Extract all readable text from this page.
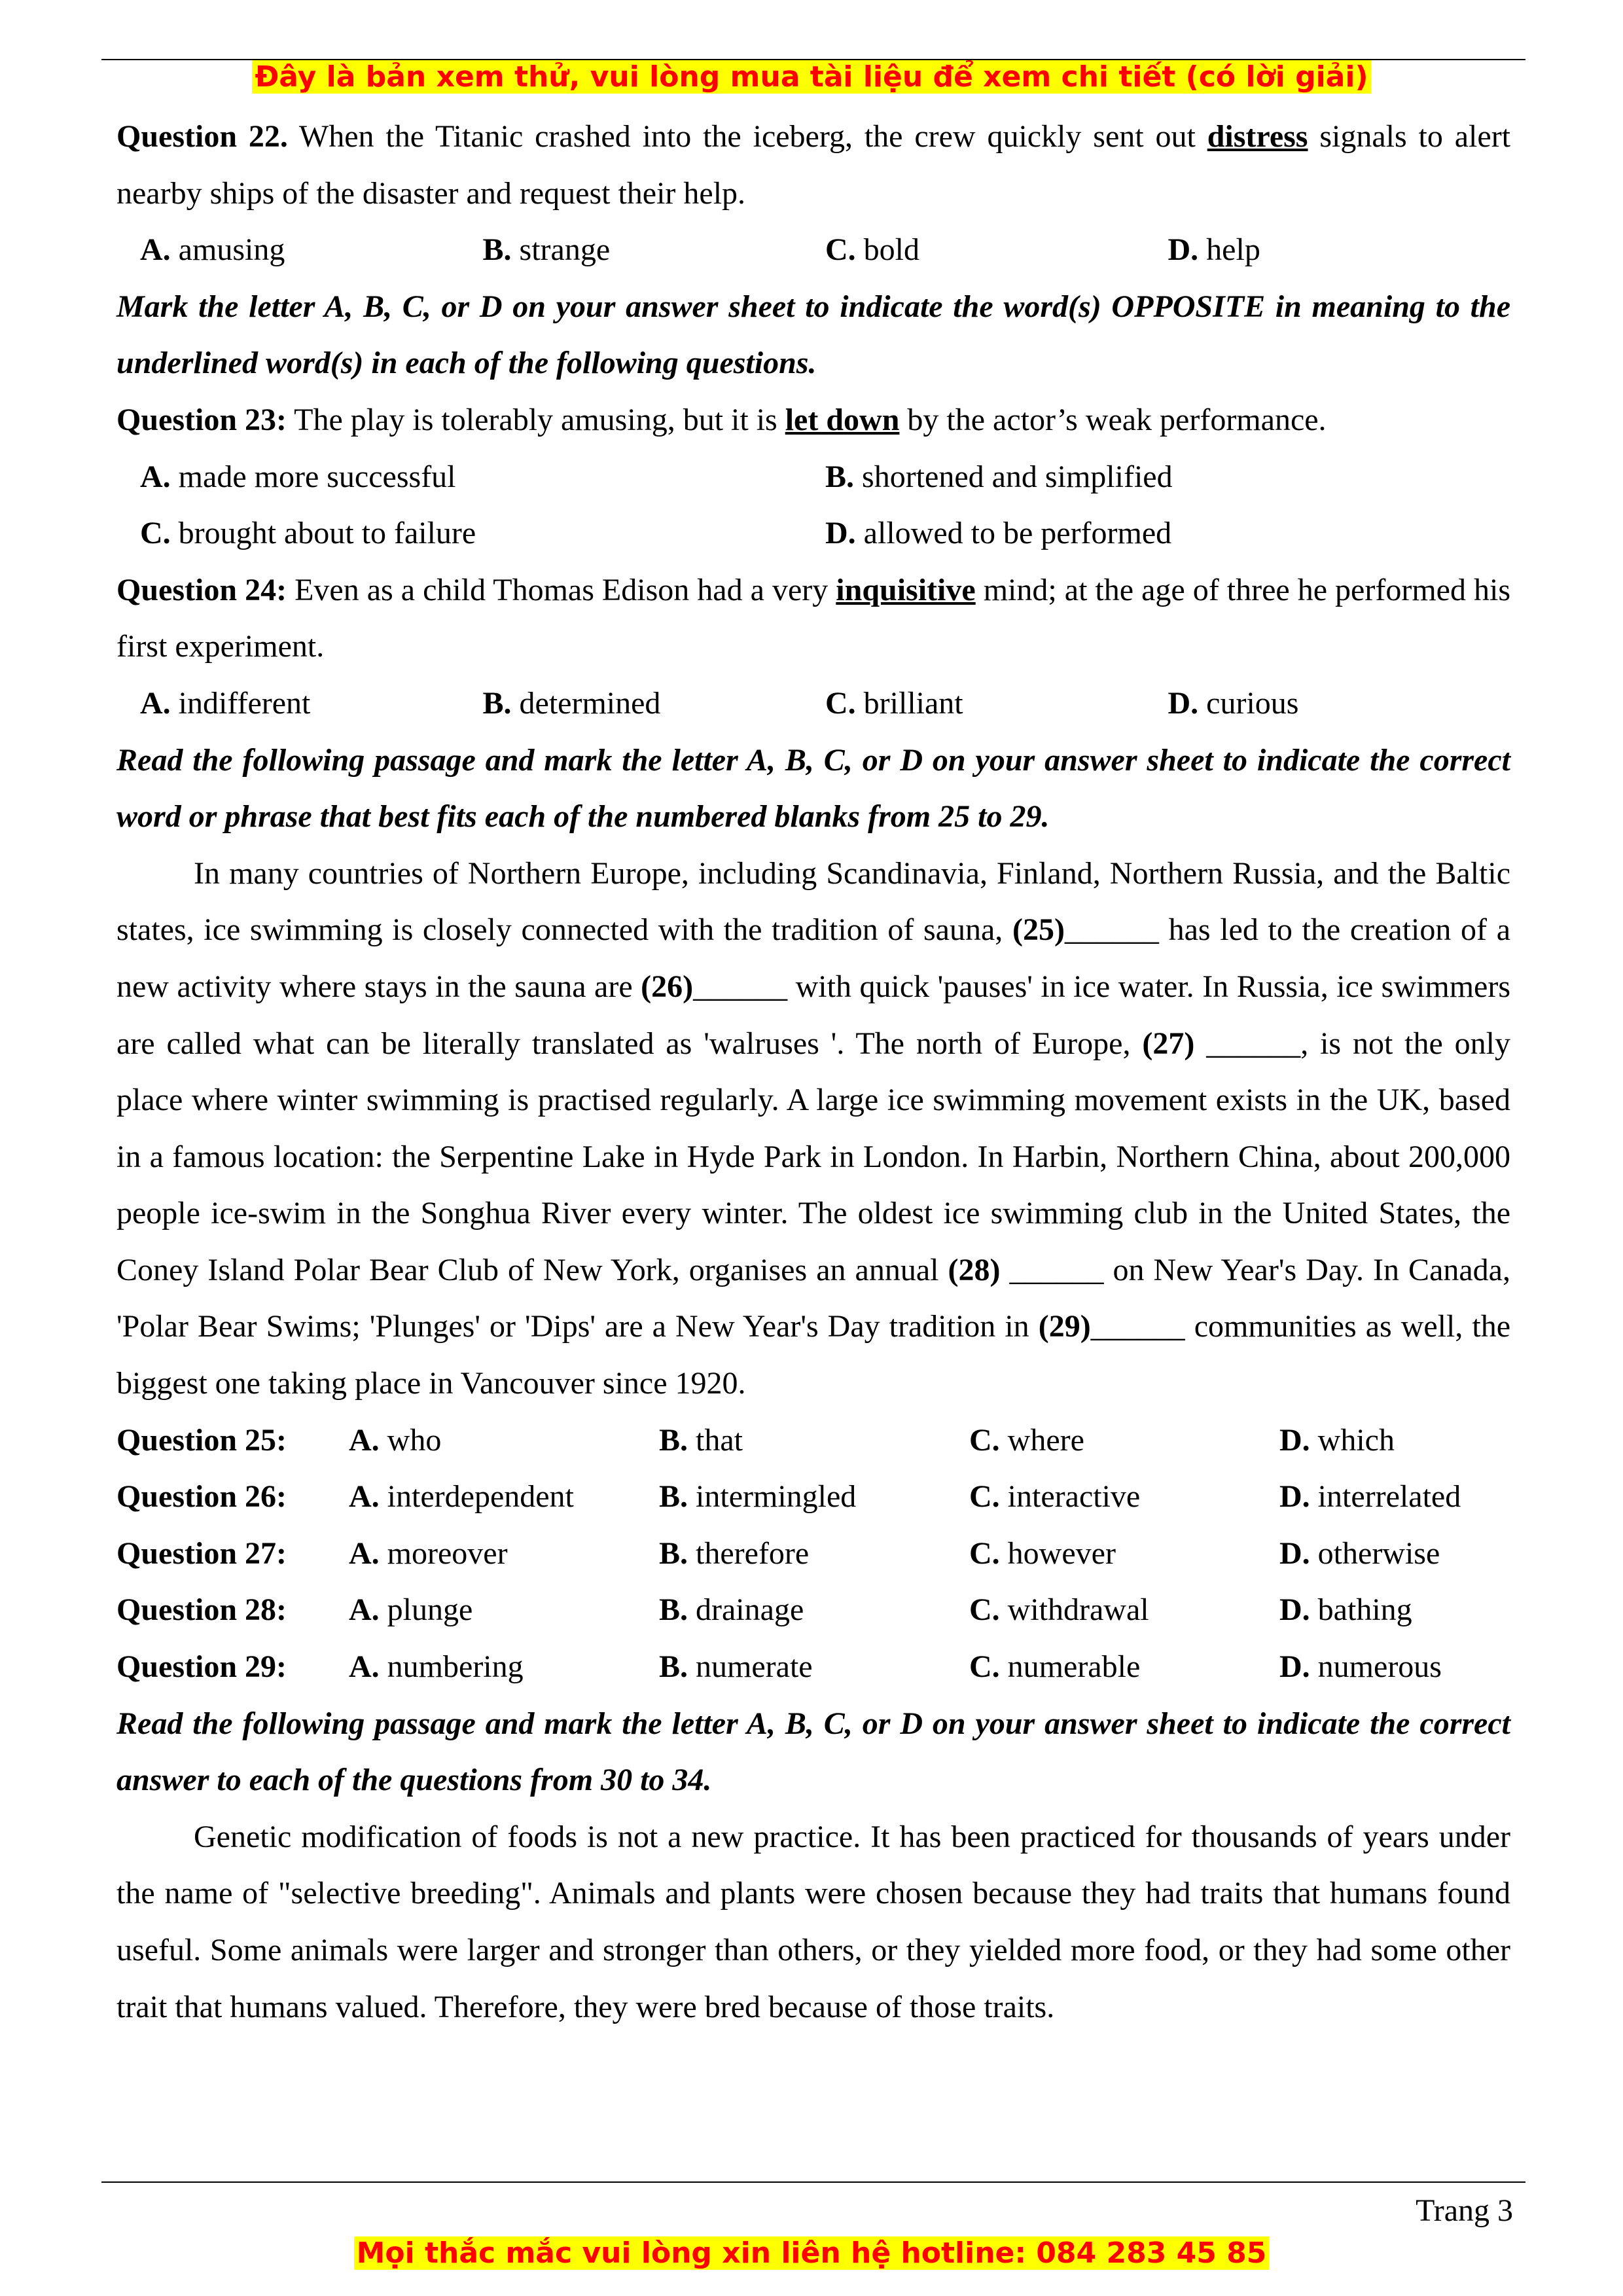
Đây là bản xem thử, vui lòng mua tài liệu để xem chi tiết (có lời giải)

Question 22. When the Titanic crashed into the iceberg, the crew quickly sent out distress signals to alert nearby ships of the disaster and request their help.

A. amusing	B. strange	C. bold	D. help

Mark the letter A, B, C, or D on your answer sheet to indicate the word(s) OPPOSITE in meaning to the underlined word(s) in each of the following questions.

Question 23: The play is tolerably amusing, but it is let down by the actor’s weak performance.

A. made more successful	B. shortened and simplified
C. brought about to failure	D. allowed to be performed

Question 24: Even as a child Thomas Edison had a very inquisitive mind; at the age of three he performed his first experiment.

A. indifferent	B. determined	C. brilliant	D. curious

Read the following passage and mark the letter A, B, C, or D on your answer sheet to indicate the correct word or phrase that best fits each of the numbered blanks from 25 to 29.

In many countries of Northern Europe, including Scandinavia, Finland, Northern Russia, and the Baltic states, ice swimming is closely connected with the tradition of sauna, (25)______ has led to the creation of a new activity where stays in the sauna are (26)______ with quick 'pauses' in ice water. In Russia, ice swimmers are called what can be literally translated as 'walruses '. The north of Europe, (27) ______, is not the only place where winter swimming is practised regularly. A large ice swimming movement exists in the UK, based in a famous location: the Serpentine Lake in Hyde Park in London. In Harbin, Northern China, about 200,000 people ice-swim in the Songhua River every winter. The oldest ice swimming club in the United States, the Coney Island Polar Bear Club of New York, organises an annual (28) ______ on New Year's Day. In Canada, 'Polar Bear Swims; 'Plunges' or 'Dips' are a New Year's Day tradition in (29)______ communities as well, the biggest one taking place in Vancouver since 1920.

Question 25:	A. who	B. that	C. where	D. which
Question 26:	A. interdependent	B. intermingled	C. interactive	D. interrelated
Question 27:	A. moreover	B. therefore	C. however	D. otherwise
Question 28:	A. plunge	B. drainage	C. withdrawal	D. bathing
Question 29:	A. numbering	B. numerate	C. numerable	D. numerous

Read the following passage and mark the letter A, B, C, or D on your answer sheet to indicate the correct answer to each of the questions from 30 to 34.

Genetic modification of foods is not a new practice. It has been practiced for thousands of years under the name of "selective breeding". Animals and plants were chosen because they had traits that humans found useful. Some animals were larger and stronger than others, or they yielded more food, or they had some other trait that humans valued. Therefore, they were bred because of those traits.

Trang 3
Mọi thắc mắc vui lòng xin liên hệ hotline: 084 283 45 85
